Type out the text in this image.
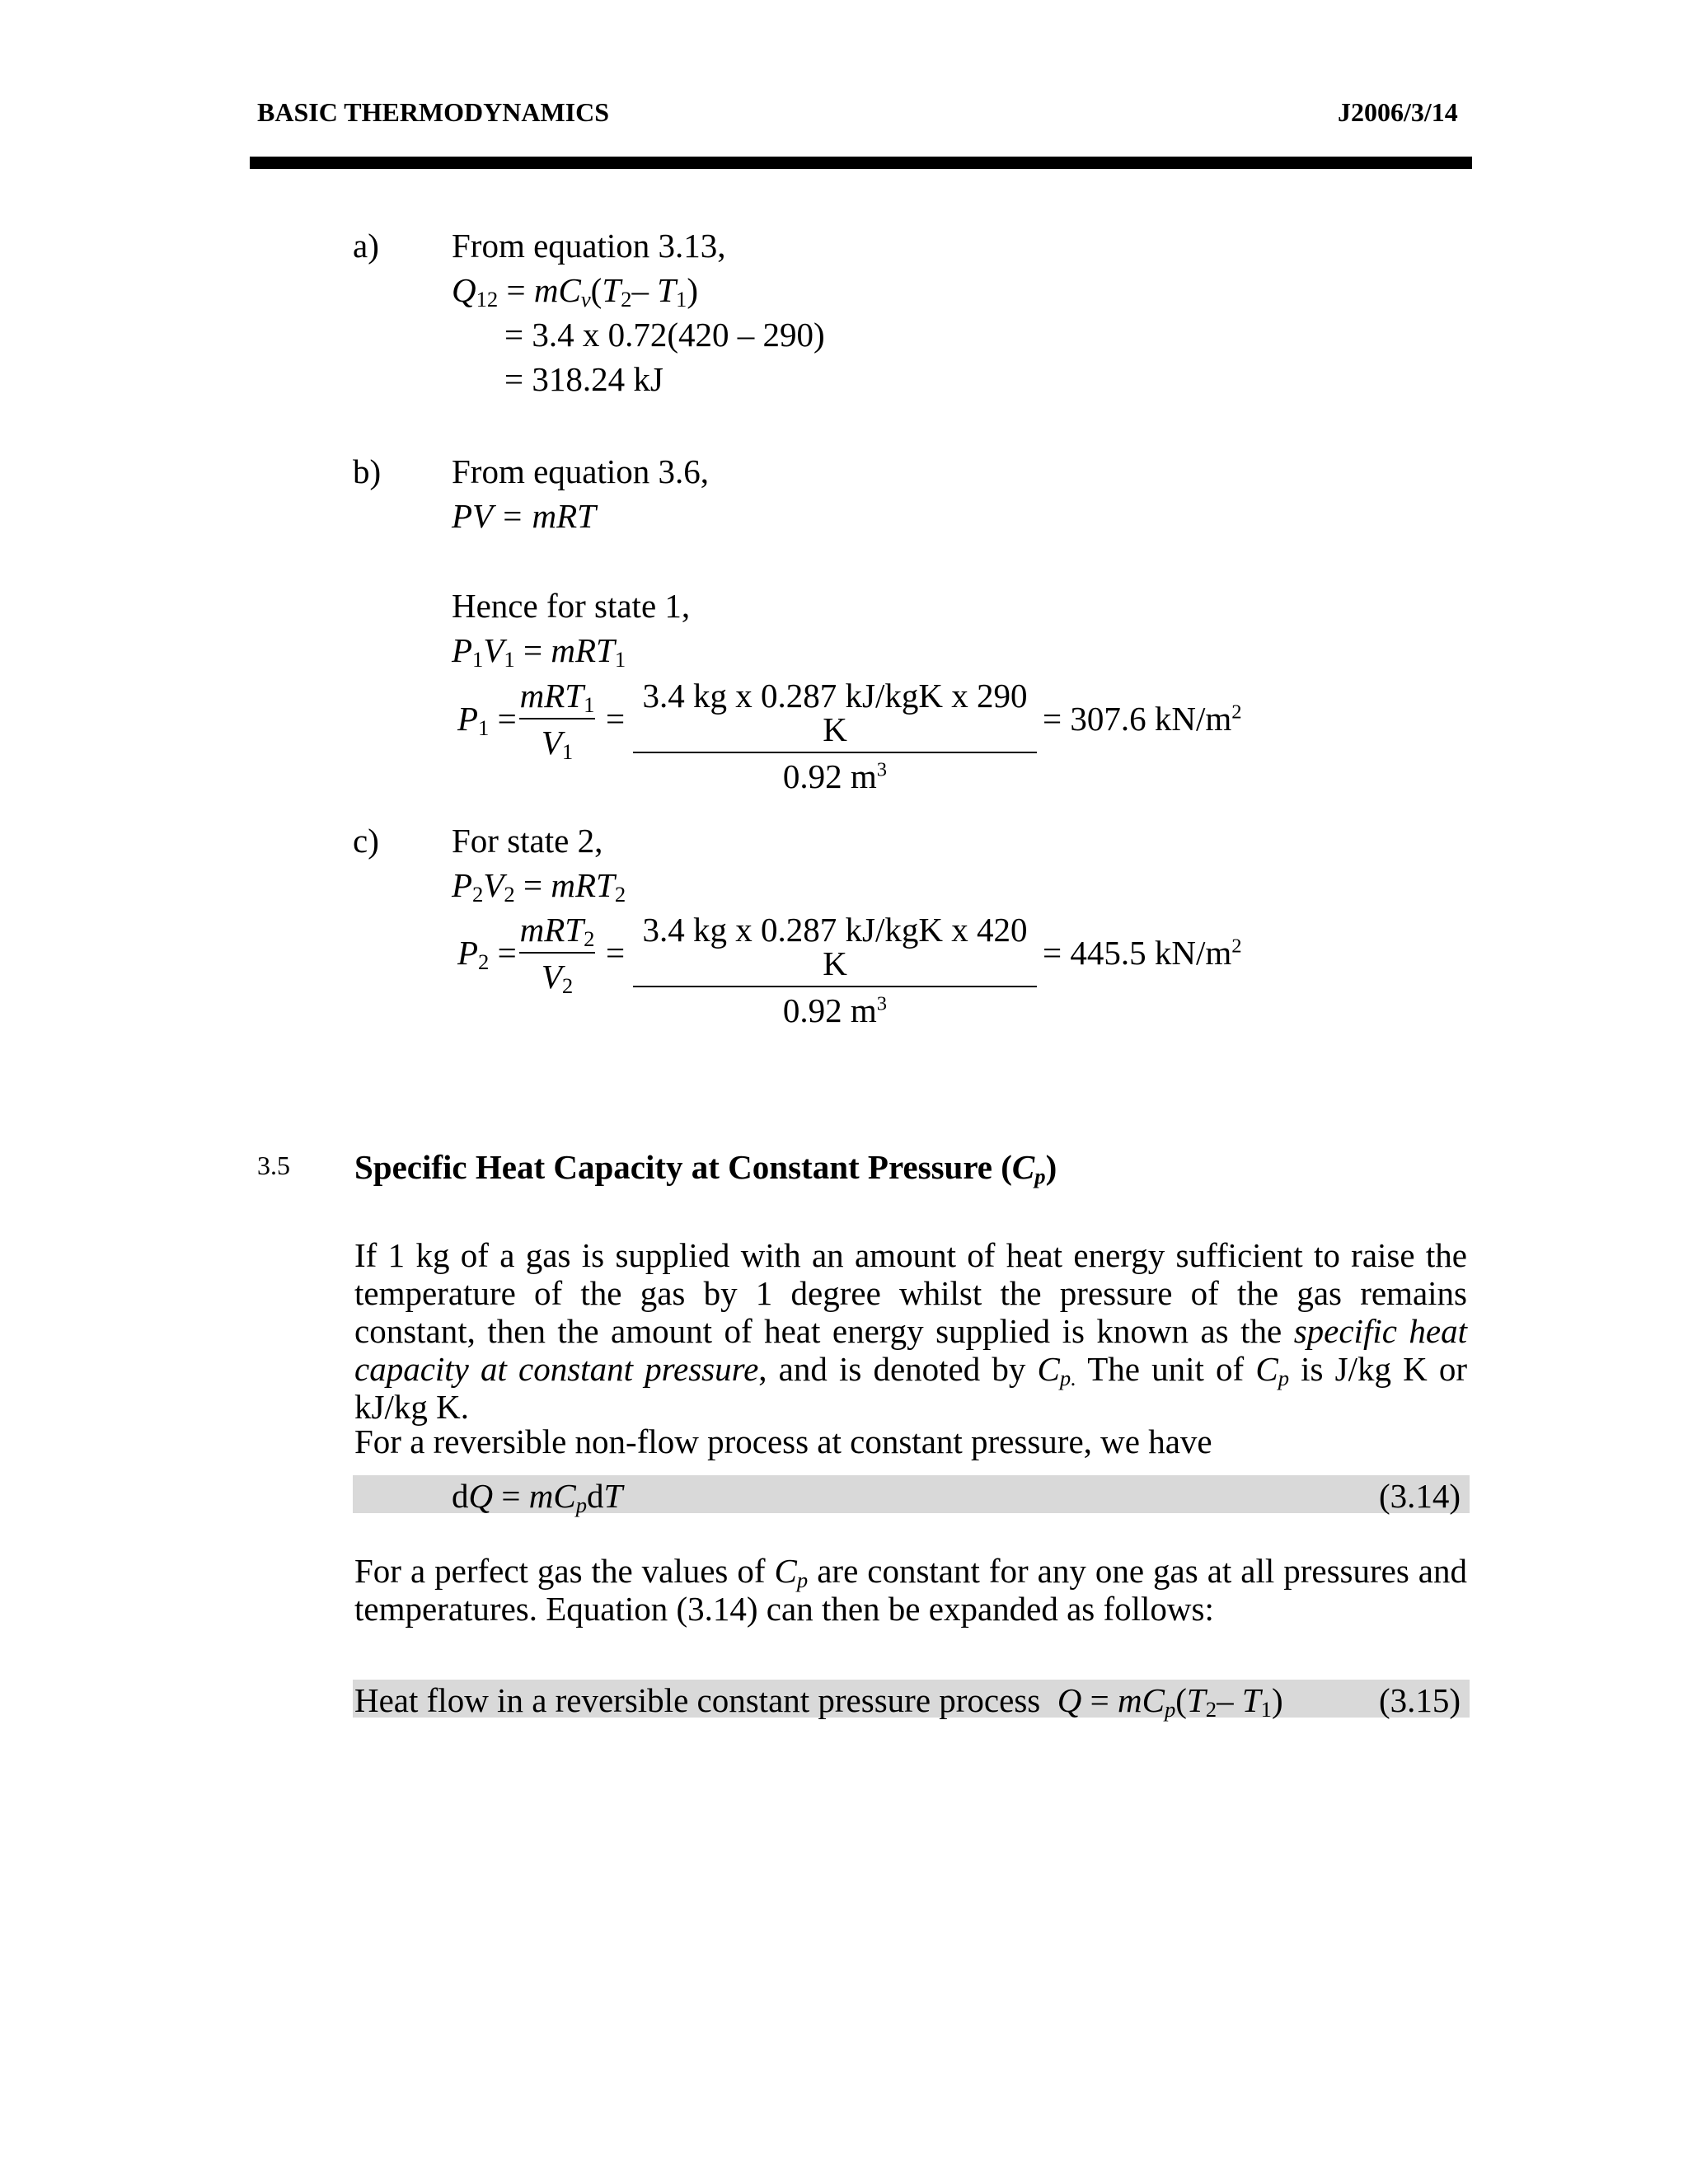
BASIC THERMODYNAMICS	J2006/3/14
a) From equation 3.13,
$Q_{12} = mC_v(T_2-$ $T_1$)
= 3.4 x 0.72(420 – 290)
= 318.24 kJ
b) From equation 3.6,
PV = mRT
Hence for state 1,
$P_1V_1 = mRT_1$
$P_1$ =
mRT$_1$
$V_1$
=
3.4 kg x 0.287 kJ/kgK x 290 K
0.92 $m^3$
= 307.6 $kN/m^2$
c) For state 2,
$P_2V_2 = mRT_2$
$P_2$ =
mRT$_2$
$V_2$
=
3.4 kg x 0.287 kJ/kgK x 420 K
0.92 $m^3$
= 445.5 $kN/m^2$
3.5 Specific Heat Capacity at Constant Pressure $(C_p)$

If 1 kg of a gas is supplied with an amount of heat energy sufficient to raise the temperature of the gas by 1 degree whilst the pressure of the gas remains constant, then the amount of heat energy supplied is known as the specific heat capacity at constant pressure, and is denoted by $C_{p.}$ The unit of $C_p$ is J/kg K or kJ/kg K.

For a reversible non-flow process at constant pressure, we have

dQ = $mC_pdT$	(3.14)

For a perfect gas the values of $C_p$ are constant for any one gas at all pressures and temperatures. Equation (3.14) can then be expanded as follows:

Heat flow in a reversible constant pressure process $Q = mC_p(T_2-$ $T_1$)	(3.15)
